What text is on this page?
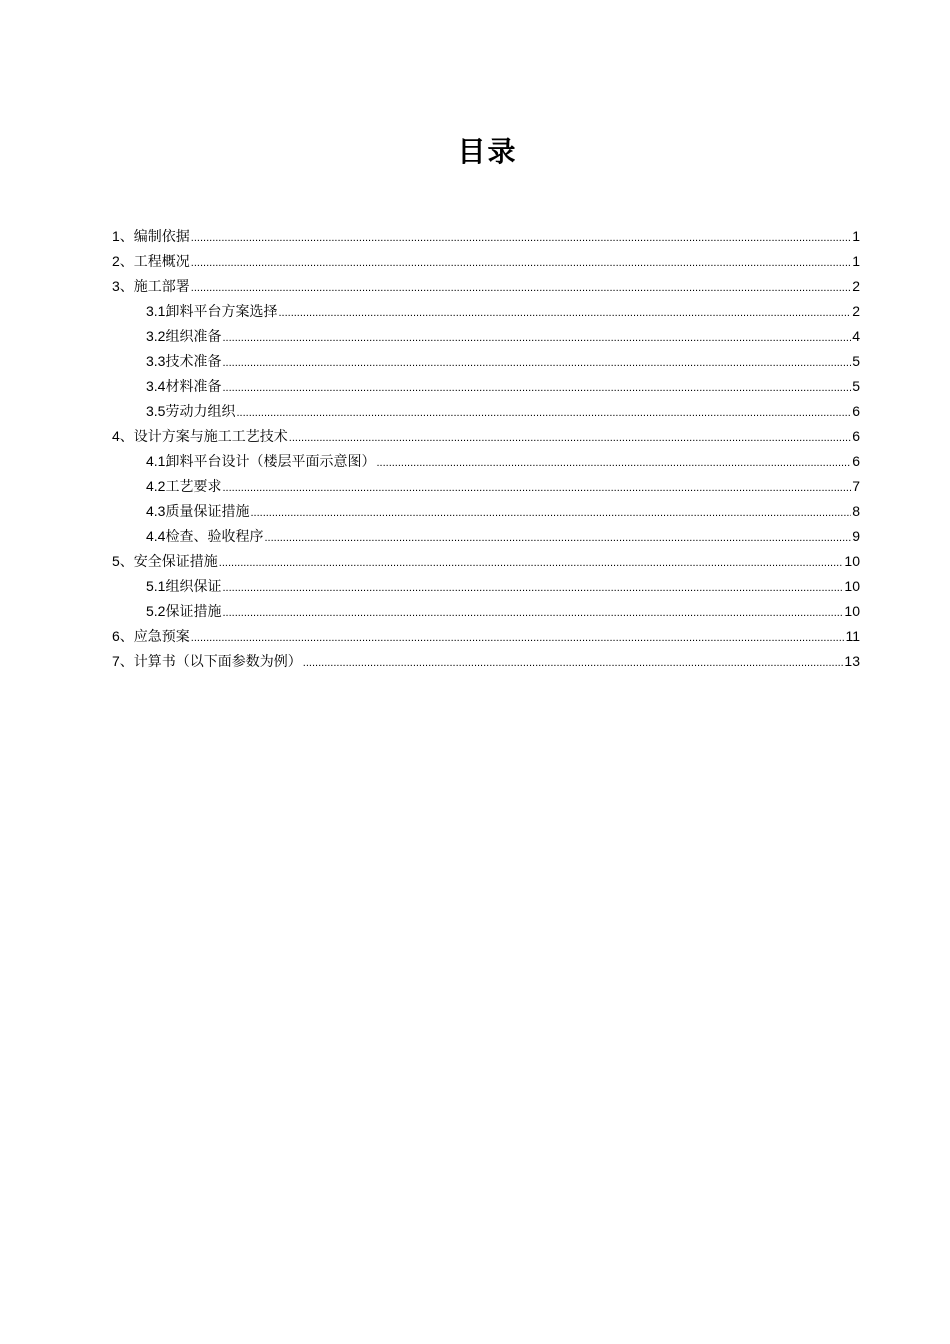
目录
1、 编制依据 .....	1
2、 工程概况 .....	1
3、 施工部署 .....	2
3.1 卸料平台方案选择 .....	2
3.2 组织准备 .....	4
3.3 技术准备 .....	5
3.4 材料准备 .....	5
3.5 劳动力组织 .....	6
4、 设计方案与施工工艺技术 .....	6
4.1 卸料平台设计（楼层平面示意图） .....	6
4.2 工艺要求 .....	7
4.3 质量保证措施 .....	8
4.4 检查、验收程序 .....	9
5、 安全保证措施 .....	10
5.1 组织保证 .....	10
5.2 保证措施 .....	10
6、 应急预案 .....	11
7、 计算书（以下面参数为例） .....	13
